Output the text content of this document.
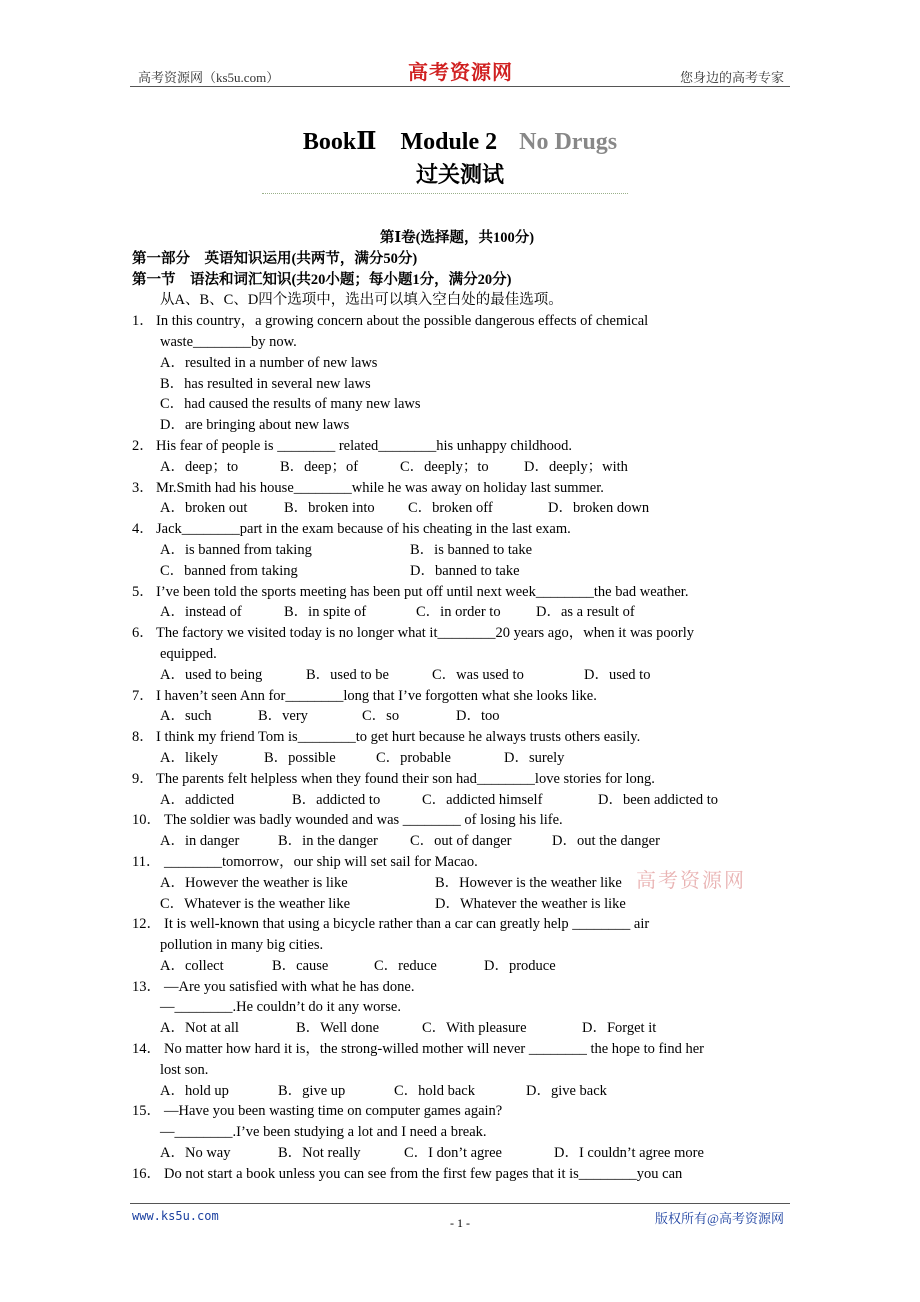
高考资源网（ks5u.com）	高考资源网	您身边的高考专家
BookⅡ Module 2 No Drugs
过关测试
高考资源网
第Ⅰ卷(选择题，共100分)
第一部分　英语知识运用(共两节，满分50分)
第一节　语法和词汇知识(共20小题；每小题1分，满分20分)
从A、B、C、D四个选项中，选出可以填入空白处的最佳选项。
1． In this country，a growing concern about the possible dangerous effects of chemical
waste________by now.
A．resulted in a number of new laws
B．has resulted in several new laws
C．had caused the results of many new laws
D．are bringing about new laws
2． His fear of people is ________ related________his unhappy childhood.
A．deep；to	B．deep；of	C．deeply；to	D．deeply；with
3． Mr.Smith had his house________while he was away on holiday last summer.
A．broken out	B．broken into	C．broken off	D．broken down
4． Jack________part in the exam because of his cheating in the last exam.
A．is banned from taking	B．is banned to take
C．banned from taking	D．banned to take
5． I’ve been told the sports meeting has been put off until next week________the bad weather.
A．instead of	B．in spite of	C．in order to	D．as a result of
6． The factory we visited today is no longer what it________20 years ago，when it was poorly
equipped.
A．used to being	B．used to be	C．was used to	D．used to
7． I haven’t seen Ann for________long that I’ve forgotten what she looks like.
A．such	B．very	C．so	D．too
8． I think my friend Tom is________to get hurt because he always trusts others easily.
A．likely	B．possible	C．probable	D．surely
9． The parents felt helpless when they found their son had________love stories for long.
A．addicted	B．addicted to	C．addicted himself	D．been addicted to
10． The soldier was badly wounded and was ________ of losing his life.
A．in danger	B．in the danger	C．out of danger	D．out the danger
11． ________tomorrow，our ship will set sail for Macao.
A．However the weather is like	B．However is the weather like
C．Whatever is the weather like	D．Whatever the weather is like
12． It is well-known that using a bicycle rather than a car can greatly help ________ air
pollution in many big cities.
A．collect	B．cause	C．reduce	D．produce
13． —Are you satisfied with what he has done.
—________.He couldn’t do it any worse.
A．Not at all	B．Well done	C．With pleasure	D．Forget it
14． No matter how hard it is，the strong-willed mother will never ________ the hope to find her
lost son.
A．hold up	B．give up	C．hold back	D．give back
15． —Have you been wasting time on computer games again?
—________.I’ve been studying a lot and I need a break.
A．No way	B．Not really	C．I don’t agree	D．I couldn’t agree more
16． Do not start a book unless you can see from the first few pages that it is________you can
www.ks5u.com	- 1 -	版权所有@高考资源网
